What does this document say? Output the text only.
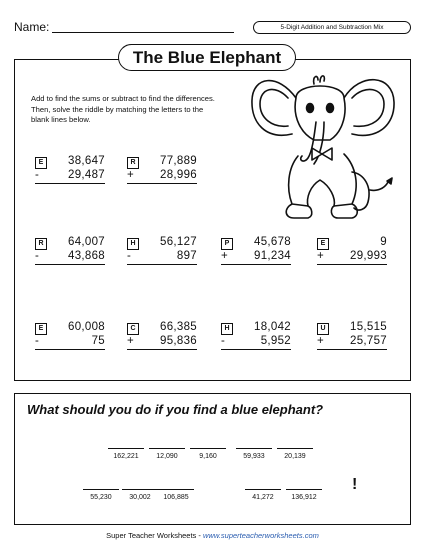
Name:	5-Digit Addition and Subtraction Mix
The Blue Elephant
Add to find the sums or subtract to find the differences. Then, solve the riddle by matching the letters to the blank lines below.
E	38,647
-	29,487
R	77,889
+ 28,996
R	64,007
-	43,868
H	56,127
-	897
P	45,678
+ 91,234
E	9
+ 29,993
E	60,008
-	75
C	66,385
+ 95,836
H	18,042
-	5,952
U	15,515
+ 25,757
What should you do if you find a blue elephant?
162,221	12,090	9,160	59,933	20,139
55,230	30,002	106,885	41,272	136,912
!
Super Teacher Worksheets - www.superteacherworksheets.com
